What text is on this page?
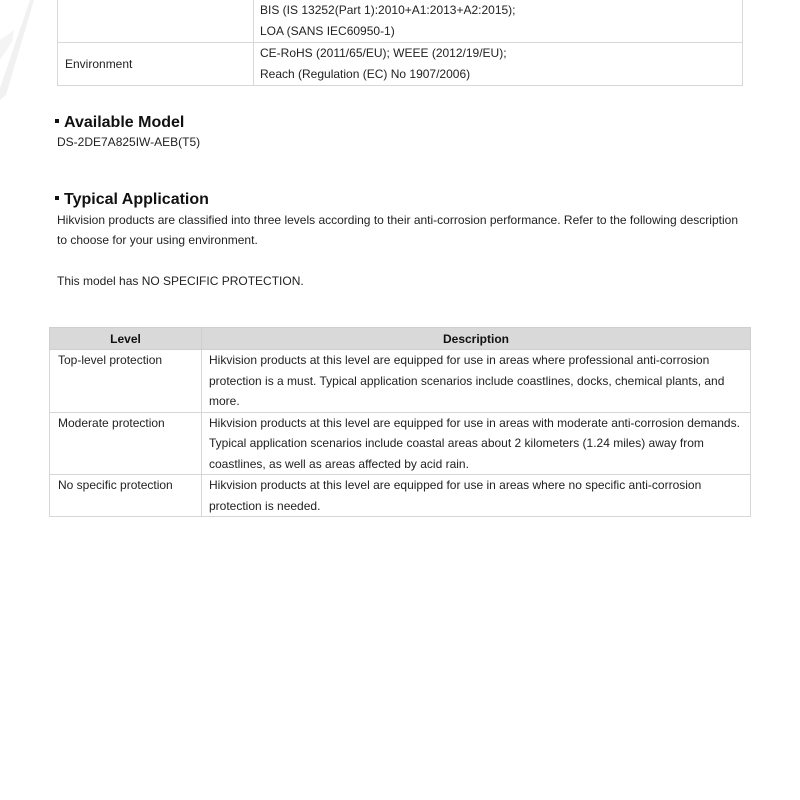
	BIS (IS 13252(Part 1):2010+A1:2013+A2:2015);
LOA (SANS IEC60950-1)

Environment	CE-RoHS (2011/65/EU); WEEE (2012/19/EU);
Reach (Regulation (EC) No 1907/2006)
Available Model
DS-2DE7A825IW-AEB(T5)
Typical Application
Hikvision products are classified into three levels according to their anti-corrosion performance. Refer to the following description to choose for your using environment.
This model has NO SPECIFIC PROTECTION.
Level	Description
Top-level protection	Hikvision products at this level are equipped for use in areas where professional anti-corrosion protection is a must. Typical application scenarios include coastlines, docks, chemical plants, and more.
Moderate protection	Hikvision products at this level are equipped for use in areas with moderate anti-corrosion demands. Typical application scenarios include coastal areas about 2 kilometers (1.24 miles) away from coastlines, as well as areas affected by acid rain.
No specific protection	Hikvision products at this level are equipped for use in areas where no specific anti-corrosion protection is needed.
